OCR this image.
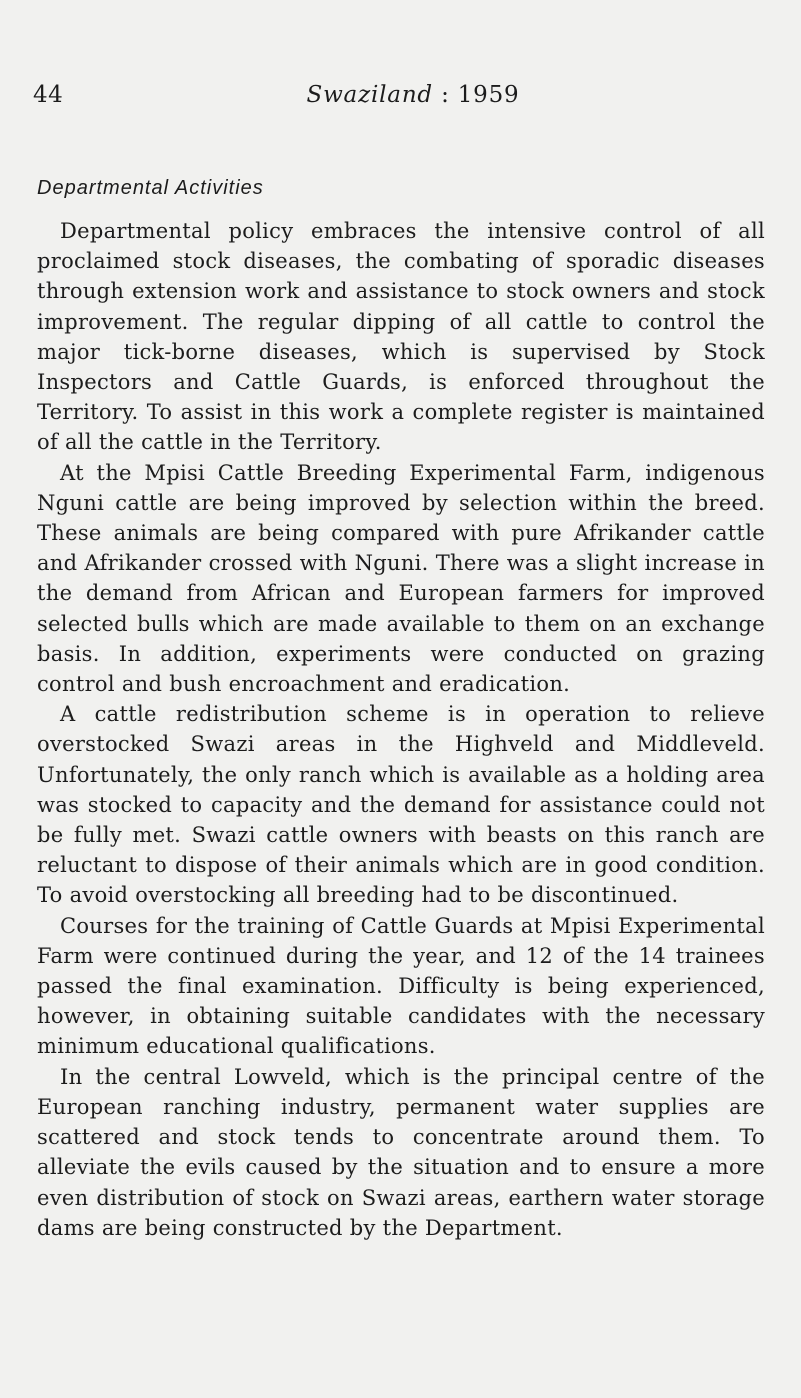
44	Swaziland : 1959
Departmental Activities

Departmental policy embraces the intensive control of all proclaimed stock diseases, the combating of sporadic diseases through extension work and assistance to stock owners and stock improvement. The regular dipping of all cattle to control the major tick-borne diseases, which is supervised by Stock Inspectors and Cattle Guards, is enforced throughout the Territory. To assist in this work a complete register is maintained of all the cattle in the Territory.

At the Mpisi Cattle Breeding Experimental Farm, indigenous Nguni cattle are being improved by selection within the breed. These animals are being compared with pure Afrikander cattle and Afrikander crossed with Nguni. There was a slight increase in the demand from African and European farmers for improved selected bulls which are made available to them on an exchange basis. In addition, experiments were conducted on grazing control and bush encroachment and eradication.

A cattle redistribution scheme is in operation to relieve overstocked Swazi areas in the Highveld and Middleveld. Unfortunately, the only ranch which is available as a holding area was stocked to capacity and the demand for assistance could not be fully met. Swazi cattle owners with beasts on this ranch are reluctant to dispose of their animals which are in good condition. To avoid overstocking all breeding had to be discontinued.

Courses for the training of Cattle Guards at Mpisi Experimental Farm were continued during the year, and 12 of the 14 trainees passed the final examination. Difficulty is being experienced, however, in obtaining suitable candidates with the necessary minimum educational qualifications.

In the central Lowveld, which is the principal centre of the European ranching industry, permanent water supplies are scattered and stock tends to concentrate around them. To alleviate the evils caused by the situation and to ensure a more even distribution of stock on Swazi areas, earthern water storage dams are being constructed by the Department.
